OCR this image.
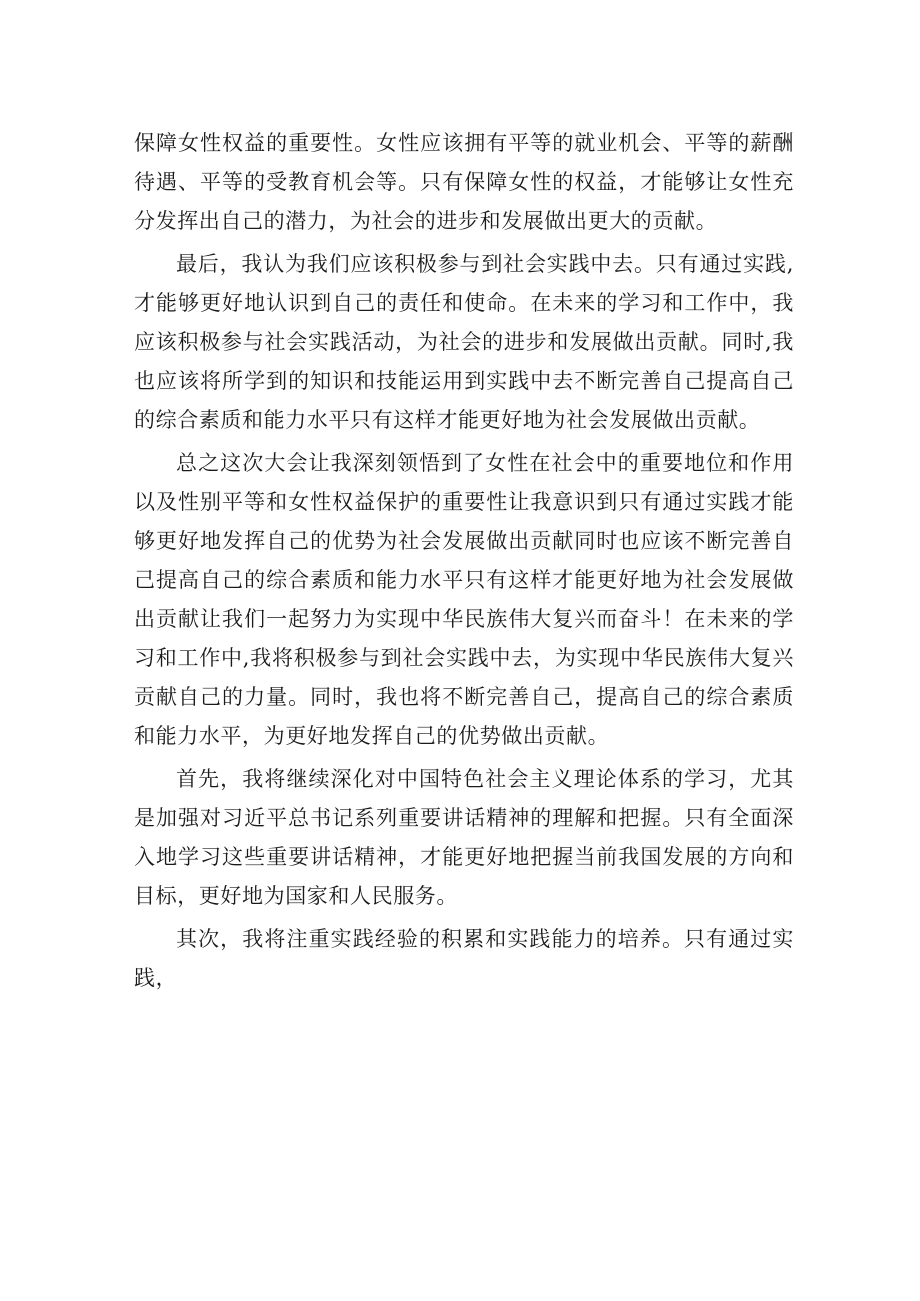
保障女性权益的重要性。女性应该拥有平等的就业机会、平等的薪酬待遇、平等的受教育机会等。只有保障女性的权益，才能够让女性充分发挥出自己的潜力，为社会的进步和发展做出更大的贡献。

最后，我认为我们应该积极参与到社会实践中去。只有通过实践,才能够更好地认识到自己的责任和使命。在未来的学习和工作中，我应该积极参与社会实践活动，为社会的进步和发展做出贡献。同时,我也应该将所学到的知识和技能运用到实践中去不断完善自己提高自己的综合素质和能力水平只有这样才能更好地为社会发展做出贡献。

总之这次大会让我深刻领悟到了女性在社会中的重要地位和作用以及性别平等和女性权益保护的重要性让我意识到只有通过实践才能够更好地发挥自己的优势为社会发展做出贡献同时也应该不断完善自己提高自己的综合素质和能力水平只有这样才能更好地为社会发展做出贡献让我们一起努力为实现中华民族伟大复兴而奋斗！在未来的学习和工作中,我将积极参与到社会实践中去，为实现中华民族伟大复兴贡献自己的力量。同时，我也将不断完善自己，提高自己的综合素质和能力水平，为更好地发挥自己的优势做出贡献。

首先，我将继续深化对中国特色社会主义理论体系的学习，尤其是加强对习近平总书记系列重要讲话精神的理解和把握。只有全面深入地学习这些重要讲话精神，才能更好地把握当前我国发展的方向和目标，更好地为国家和人民服务。

其次，我将注重实践经验的积累和实践能力的培养。只有通过实践，
